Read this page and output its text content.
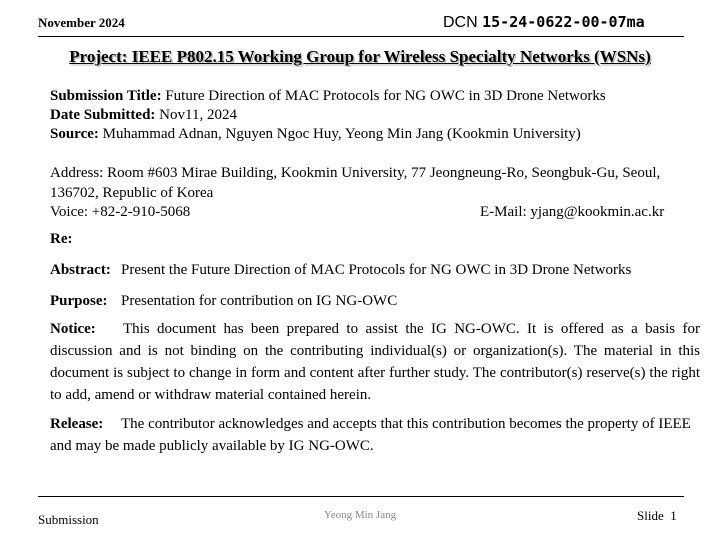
November 2024	DCN 15-24-0622-00-07ma
Project: IEEE P802.15 Working Group for Wireless Specialty Networks (WSNs)
Submission Title: Future Direction of MAC Protocols for NG OWC in 3D Drone Networks
Date Submitted: Nov11, 2024
Source: Muhammad Adnan, Nguyen Ngoc Huy, Yeong Min Jang (Kookmin University)
Address: Room #603 Mirae Building, Kookmin University, 77 Jeongneung-Ro, Seongbuk-Gu, Seoul, 136702, Republic of Korea
Voice: +82-2-910-5068	E-Mail: yjang@kookmin.ac.kr
Re:
Abstract: Present the Future Direction of MAC Protocols for NG OWC in 3D Drone Networks
Purpose: Presentation for contribution on IG NG-OWC
Notice: This document has been prepared to assist the IG NG-OWC. It is offered as a basis for discussion and is not binding on the contributing individual(s) or organization(s). The material in this document is subject to change in form and content after further study. The contributor(s) reserve(s) the right to add, amend or withdraw material contained herein.
Release: The contributor acknowledges and accepts that this contribution becomes the property of IEEE and may be made publicly available by IG NG-OWC.
Submission	Yeong Min Jang	Slide 1
